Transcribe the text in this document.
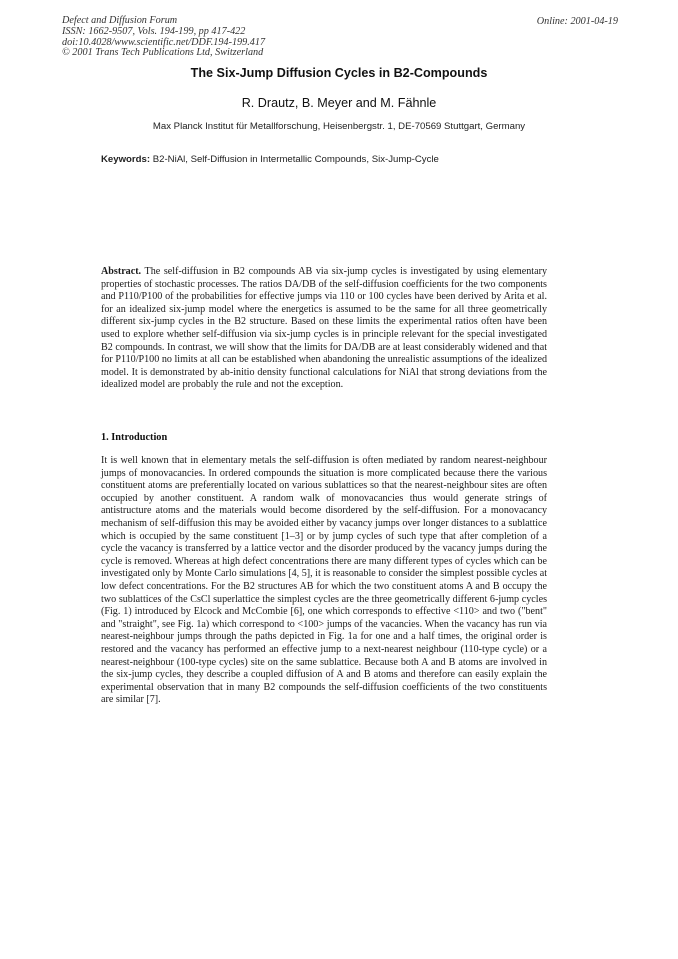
Defect and Diffusion Forum
ISSN: 1662-9507, Vols. 194-199, pp 417-422
doi:10.4028/www.scientific.net/DDF.194-199.417
© 2001 Trans Tech Publications Ltd, Switzerland
Online: 2001-04-19
The Six-Jump Diffusion Cycles in B2-Compounds
R. Drautz, B. Meyer and M. Fähnle
Max Planck Institut für Metallforschung, Heisenbergstr. 1, DE-70569 Stuttgart, Germany
Keywords: B2-NiAl, Self-Diffusion in Intermetallic Compounds, Six-Jump-Cycle
Abstract. The self-diffusion in B2 compounds AB via six-jump cycles is investigated by using elementary properties of stochastic processes. The ratios DA/DB of the self-diffusion coefficients for the two components and P110/P100 of the probabilities for effective jumps via 110 or 100 cycles have been derived by Arita et al. for an idealized six-jump model where the energetics is assumed to be the same for all three geometrically different six-jump cycles in the B2 structure. Based on these limits the experimental ratios often have been used to explore whether self-diffusion via six-jump cycles is in principle relevant for the special investigated B2 compounds. In contrast, we will show that the limits for DA/DB are at least considerably widened and that for P110/P100 no limits at all can be established when abandoning the unrealistic assumptions of the idealized model. It is demonstrated by ab-initio density functional calculations for NiAl that strong deviations from the idealized model are probably the rule and not the exception.
1. Introduction
It is well known that in elementary metals the self-diffusion is often mediated by random nearest-neighbour jumps of monovacancies. In ordered compounds the situation is more complicated because there the various constituent atoms are preferentially located on various sublattices so that the nearest-neighbour sites are often occupied by another constituent. A random walk of monovacancies thus would generate strings of antistructure atoms and the materials would become disordered by the self-diffusion. For a monovacancy mechanism of self-diffusion this may be avoided either by vacancy jumps over longer distances to a sublattice which is occupied by the same constituent [1–3] or by jump cycles of such type that after completion of a cycle the vacancy is transferred by a lattice vector and the disorder produced by the vacancy jumps during the cycle is removed. Whereas at high defect concentrations there are many different types of cycles which can be investigated only by Monte Carlo simulations [4, 5], it is reasonable to consider the simplest possible cycles at low defect concentrations. For the B2 structures AB for which the two constituent atoms A and B occupy the two sublattices of the CsCl superlattice the simplest cycles are the three geometrically different 6-jump cycles (Fig. 1) introduced by Elcock and McCombie [6], one which corresponds to effective <110> and two ("bent" and "straight", see Fig. 1a) which correspond to <100> jumps of the vacancies. When the vacancy has run via nearest-neighbour jumps through the paths depicted in Fig. 1a for one and a half times, the original order is restored and the vacancy has performed an effective jump to a next-nearest neighbour (110-type cycle) or a nearest-neighbour (100-type cycles) site on the same sublattice. Because both A and B atoms are involved in the six-jump cycles, they describe a coupled diffusion of A and B atoms and therefore can easily explain the experimental observation that in many B2 compounds the self-diffusion coefficients of the two constituents are similar [7].
